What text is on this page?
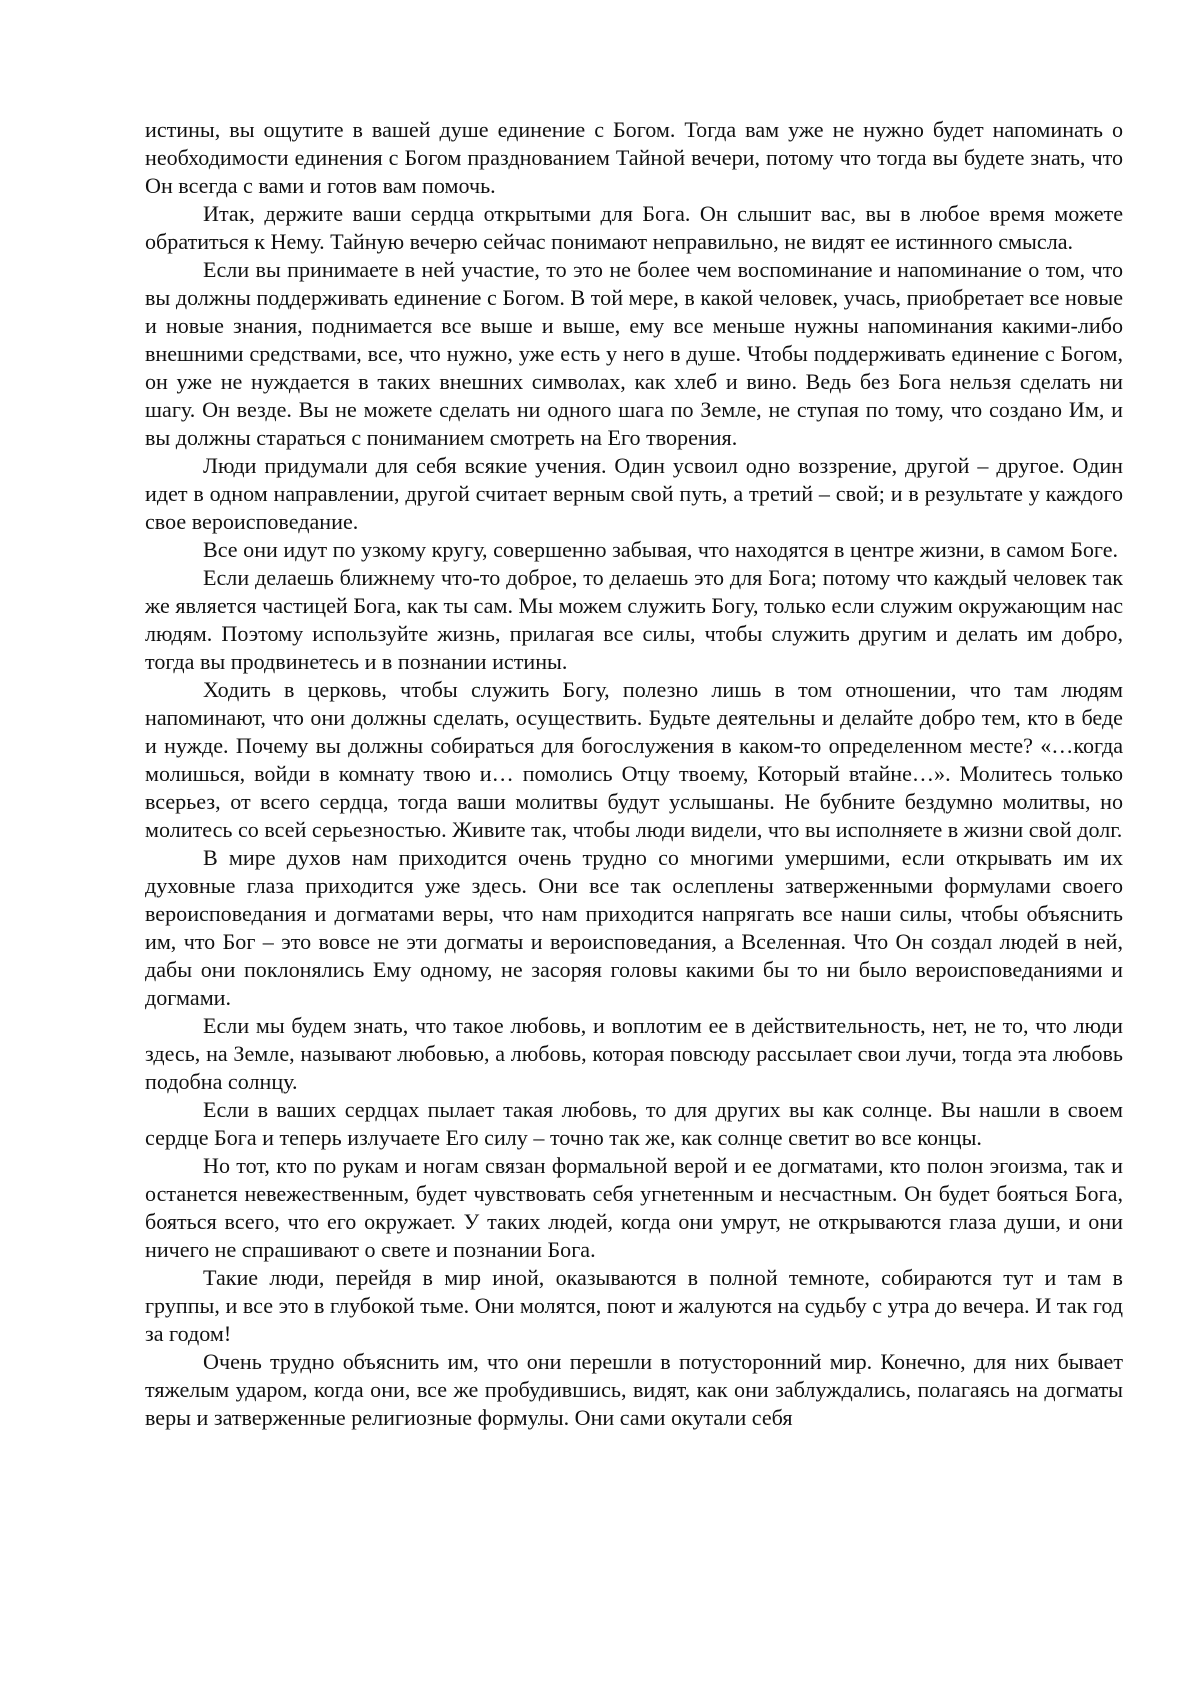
истины, вы ощутите в вашей душе единение с Богом. Тогда вам уже не нужно будет напоминать о необходимости единения с Богом празднованием Тайной вечери, потому что тогда вы будете знать, что Он всегда с вами и готов вам помочь.

Итак, держите ваши сердца открытыми для Бога. Он слышит вас, вы в любое время можете обратиться к Нему. Тайную вечерю сейчас понимают неправильно, не видят ее истинного смысла.

Если вы принимаете в ней участие, то это не более чем воспоминание и напоминание о том, что вы должны поддерживать единение с Богом. В той мере, в какой человек, учась, приобретает все новые и новые знания, поднимается все выше и выше, ему все меньше нужны напоминания какими-либо внешними средствами, все, что нужно, уже есть у него в душе. Чтобы поддерживать единение с Богом, он уже не нуждается в таких внешних символах, как хлеб и вино. Ведь без Бога нельзя сделать ни шагу. Он везде. Вы не можете сделать ни одного шага по Земле, не ступая по тому, что создано Им, и вы должны стараться с пониманием смотреть на Его творения.

Люди придумали для себя всякие учения. Один усвоил одно воззрение, другой – другое. Один идет в одном направлении, другой считает верным свой путь, а третий – свой; и в результате у каждого свое вероисповедание.

Все они идут по узкому кругу, совершенно забывая, что находятся в центре жизни, в самом Боге.

Если делаешь ближнему что-то доброе, то делаешь это для Бога; потому что каждый человек так же является частицей Бога, как ты сам. Мы можем служить Богу, только если служим окружающим нас людям. Поэтому используйте жизнь, прилагая все силы, чтобы служить другим и делать им добро, тогда вы продвинетесь и в познании истины.

Ходить в церковь, чтобы служить Богу, полезно лишь в том отношении, что там людям напоминают, что они должны сделать, осуществить. Будьте деятельны и делайте добро тем, кто в беде и нужде. Почему вы должны собираться для богослужения в каком-то определенном месте? «…когда молишься, войди в комнату твою и… помолись Отцу твоему, Который втайне…». Молитесь только всерьез, от всего сердца, тогда ваши молитвы будут услышаны. Не бубните бездумно молитвы, но молитесь со всей серьезностью. Живите так, чтобы люди видели, что вы исполняете в жизни свой долг.

В мире духов нам приходится очень трудно со многими умершими, если открывать им их духовные глаза приходится уже здесь. Они все так ослеплены затверженными формулами своего вероисповедания и догматами веры, что нам приходится напрягать все наши силы, чтобы объяснить им, что Бог – это вовсе не эти догматы и вероисповедания, а Вселенная. Что Он создал людей в ней, дабы они поклонялись Ему одному, не засоряя головы какими бы то ни было вероисповеданиями и догмами.

Если мы будем знать, что такое любовь, и воплотим ее в действительность, нет, не то, что люди здесь, на Земле, называют любовью, а любовь, которая повсюду рассылает свои лучи, тогда эта любовь подобна солнцу.

Если в ваших сердцах пылает такая любовь, то для других вы как солнце. Вы нашли в своем сердце Бога и теперь излучаете Его силу – точно так же, как солнце светит во все концы.

Но тот, кто по рукам и ногам связан формальной верой и ее догматами, кто полон эгоизма, так и останется невежественным, будет чувствовать себя угнетенным и несчастным. Он будет бояться Бога, бояться всего, что его окружает. У таких людей, когда они умрут, не открываются глаза души, и они ничего не спрашивают о свете и познании Бога.

Такие люди, перейдя в мир иной, оказываются в полной темноте, собираются тут и там в группы, и все это в глубокой тьме. Они молятся, поют и жалуются на судьбу с утра до вечера. И так год за годом!

Очень трудно объяснить им, что они перешли в потусторонний мир. Конечно, для них бывает тяжелым ударом, когда они, все же пробудившись, видят, как они заблуждались, полагаясь на догматы веры и затверженные религиозные формулы. Они сами окутали себя
